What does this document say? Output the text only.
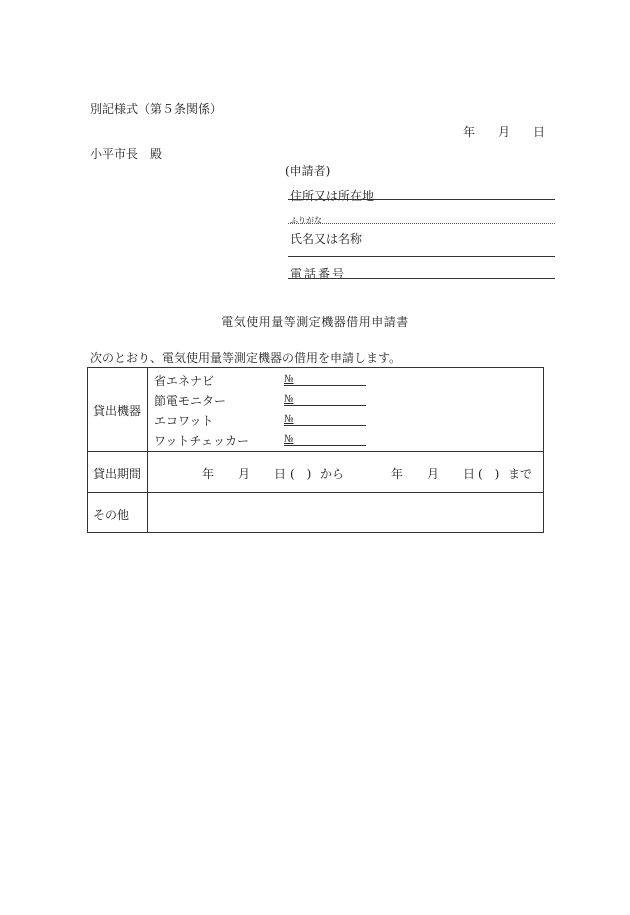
別記様式（第５条関係）
年 月 日
小平市長　殿
(申請者)
住所又は所在地
ふりがな
氏名又は名称
電話番号
電気使用量等測定機器借用申請書
次のとおり、電気使用量等測定機器の借用を申請します。
貸出機器
省エネナビ	№
節電モニター	№
エコワット	№
ワットチェッカー	№
貸出期間	年 月 日 (　) から	年 月 日 (　) まで
その他
